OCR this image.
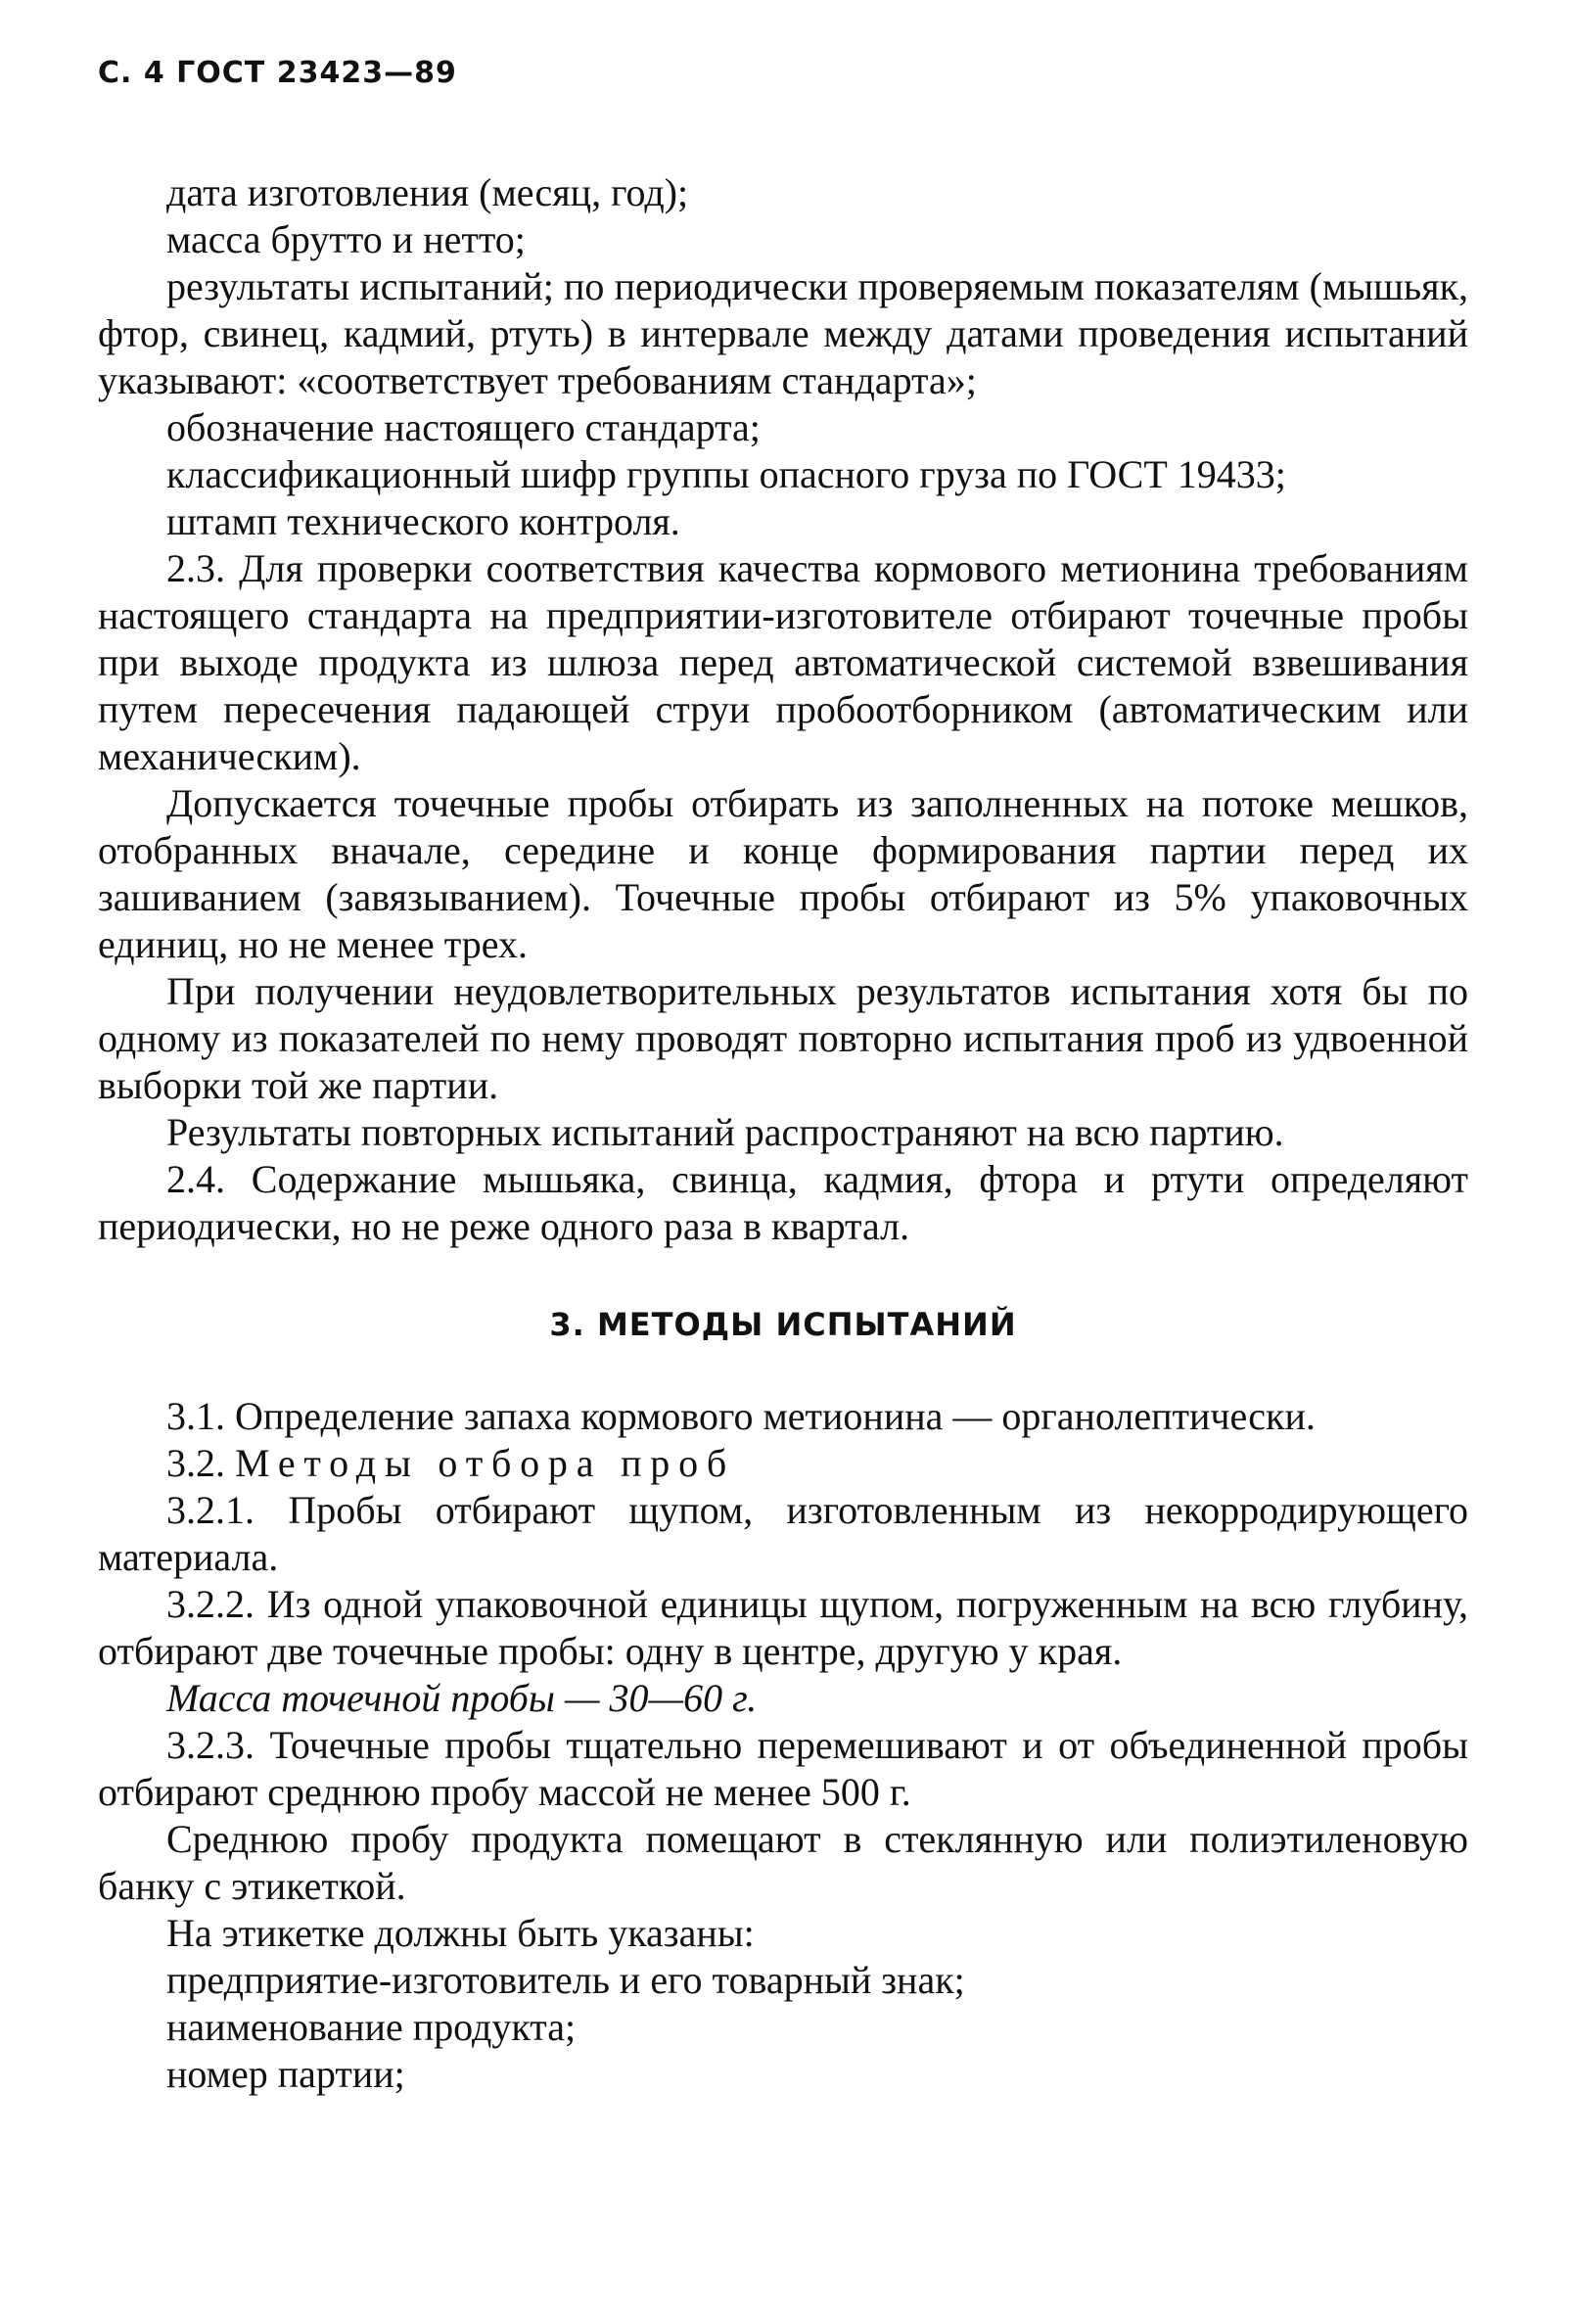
С. 4 ГОСТ 23423—89

дата изготовления (месяц, год);

масса брутто и нетто;

результаты испытаний; по периодически проверяемым показателям (мышьяк, фтор, свинец, кадмий, ртуть) в интервале между датами проведения испытаний указывают: «соответствует требованиям стандарта»;

обозначение настоящего стандарта;

классификационный шифр группы опасного груза по ГОСТ 19433;

штамп технического контроля.

2.3. Для проверки соответствия качества кормового метионина требованиям настоящего стандарта на предприятии-изготовителе отбирают точечные пробы при выходе продукта из шлюза перед автоматической системой взвешивания путем пересечения падающей струи пробоотборником (автоматическим или механическим).

Допускается точечные пробы отбирать из заполненных на потоке мешков, отобранных вначале, середине и конце формирования партии перед их зашиванием (завязыванием). Точечные пробы отбирают из 5% упаковочных единиц, но не менее трех.

При получении неудовлетворительных результатов испытания хотя бы по одному из показателей по нему проводят повторно испытания проб из удвоенной выборки той же партии.

Результаты повторных испытаний распространяют на всю партию.

2.4. Содержание мышьяка, свинца, кадмия, фтора и ртути определяют периодически, но не реже одного раза в квартал.

3. МЕТОДЫ ИСПЫТАНИЙ

3.1. Определение запаха кормового метионина — органолептически.

3.2. Методы отбора проб

3.2.1. Пробы отбирают щупом, изготовленным из некорродирующего материала.

3.2.2. Из одной упаковочной единицы щупом, погруженным на всю глубину, отбирают две точечные пробы: одну в центре, другую у края.

Масса точечной пробы — 30—60 г.

3.2.3. Точечные пробы тщательно перемешивают и от объединенной пробы отбирают среднюю пробу массой не менее 500 г.

Среднюю пробу продукта помещают в стеклянную или полиэтиленовую банку с этикеткой.

На этикетке должны быть указаны:

предприятие-изготовитель и его товарный знак;

наименование продукта;

номер партии;
